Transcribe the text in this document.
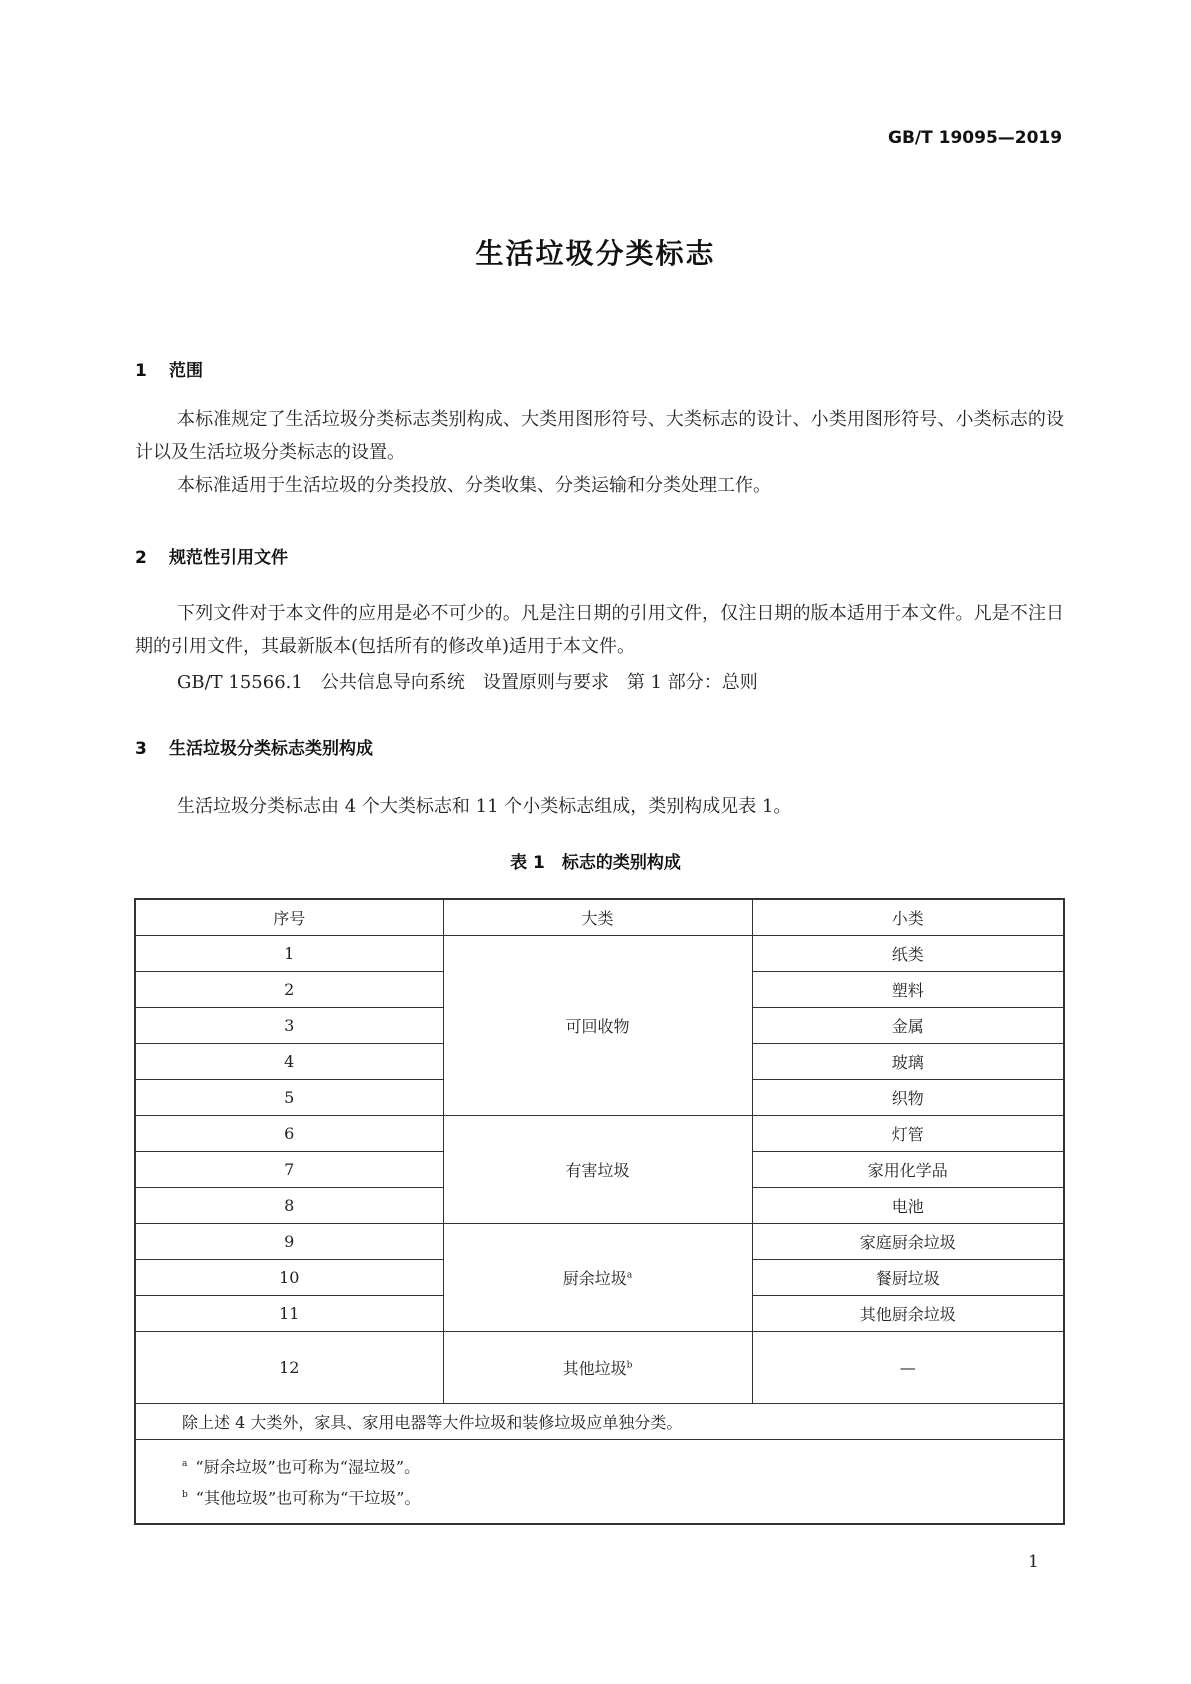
GB/T 19095—2019
生活垃圾分类标志
1 范围

本标准规定了生活垃圾分类标志类别构成、大类用图形符号、大类标志的设计、小类用图形符号、小类标志的设计以及生活垃圾分类标志的设置。

本标准适用于生活垃圾的分类投放、分类收集、分类运输和分类处理工作。

2 规范性引用文件

下列文件对于本文件的应用是必不可少的。凡是注日期的引用文件，仅注日期的版本适用于本文件。凡是不注日期的引用文件，其最新版本(包括所有的修改单)适用于本文件。

GB/T 15566.1　公共信息导向系统　设置原则与要求　第 1 部分：总则
3 生活垃圾分类标志类别构成

生活垃圾分类标志由 4 个大类标志和 11 个小类标志组成，类别构成见表 1。

表 1　标志的类别构成
序号	大类	小类
1	可回收物	纸类
2		塑料
3		金属
4		玻璃
5		织物
6	有害垃圾	灯管
7		家用化学品
8		电池
9	厨余垃圾$^a$	家庭厨余垃圾
10		餐厨垃圾
11		其他厨余垃圾
12	其他垃圾$^b$	—
除上述 4 大类外，家具、家用电器等大件垃圾和装修垃圾应单独分类。		

$^a$ “厨余垃圾”也可称为“湿垃圾”。
$^b$ “其他垃圾”也可称为“干垃圾”。		
1
